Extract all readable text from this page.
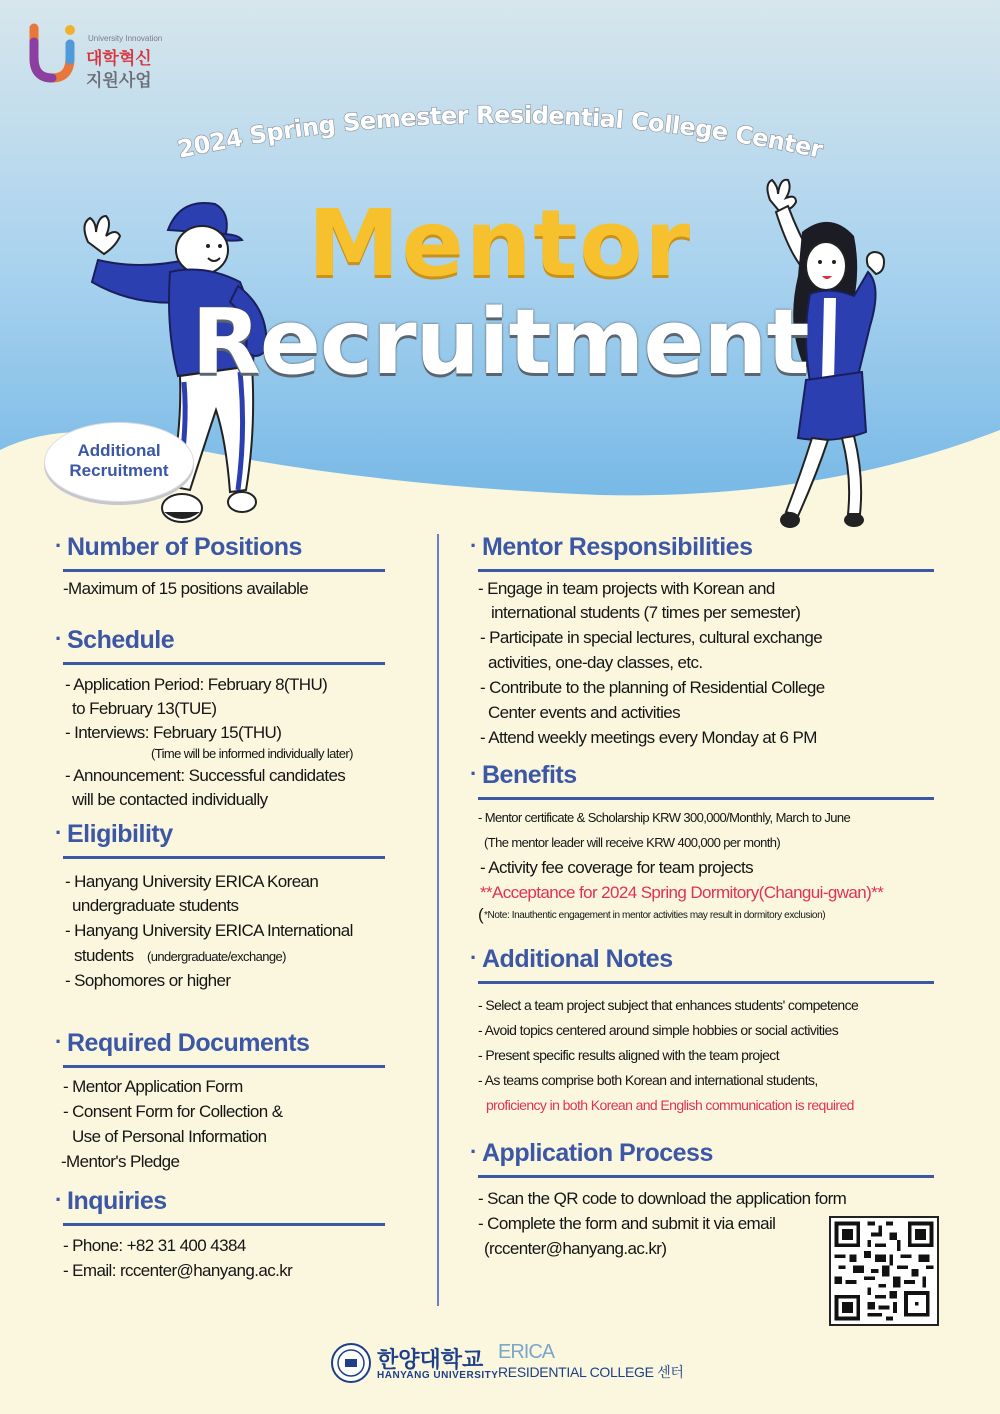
University Innovation
대학혁신
지원사업
2024 Spring Semester Residential College Center
Mentor
Recruitment
Additional
Recruitment
· Number of Positions
-Maximum of 15 positions available
· Schedule
- Application Period: February 8(THU)
to February 13(TUE)
- Interviews: February 15(THU)
(Time will be informed individually later)
- Announcement: Successful candidates
will be contacted individually
· Eligibility
- Hanyang University ERICA Korean
undergraduate students
- Hanyang University ERICA International
students (undergraduate/exchange)
- Sophomores or higher
· Required Documents
- Mentor Application Form
- Consent Form for Collection &
Use of Personal Information
-Mentor's Pledge
· Inquiries
- Phone: +82 31 400 4384
- Email: rccenter@hanyang.ac.kr
· Mentor Responsibilities
- Engage in team projects with Korean and
international students (7 times per semester)
- Participate in special lectures, cultural exchange
activities, one-day classes, etc.
- Contribute to the planning of Residential College
Center events and activities
- Attend weekly meetings every Monday at 6 PM
· Benefits
- Mentor certificate & Scholarship KRW 300,000/Monthly, March to June
(The mentor leader will receive KRW 400,000 per month)
- Activity fee coverage for team projects
**Acceptance for 2024 Spring Dormitory(Changui-gwan)**
( *Note: Inauthentic engagement in mentor activities may result in dormitory exclusion)
· Additional Notes
- Select a team project subject that enhances students' competence
- Avoid topics centered around simple hobbies or social activities
- Present specific results aligned with the team project
- As teams comprise both Korean and international students,
proficiency in both Korean and English communication is required
· Application Process
- Scan the QR code to download the application form
- Complete the form and submit it via email
(rccenter@hanyang.ac.kr)
한양대학교
HANYANG UNIVERSITY
ERICA
RESIDENTIAL COLLEGE 센터
